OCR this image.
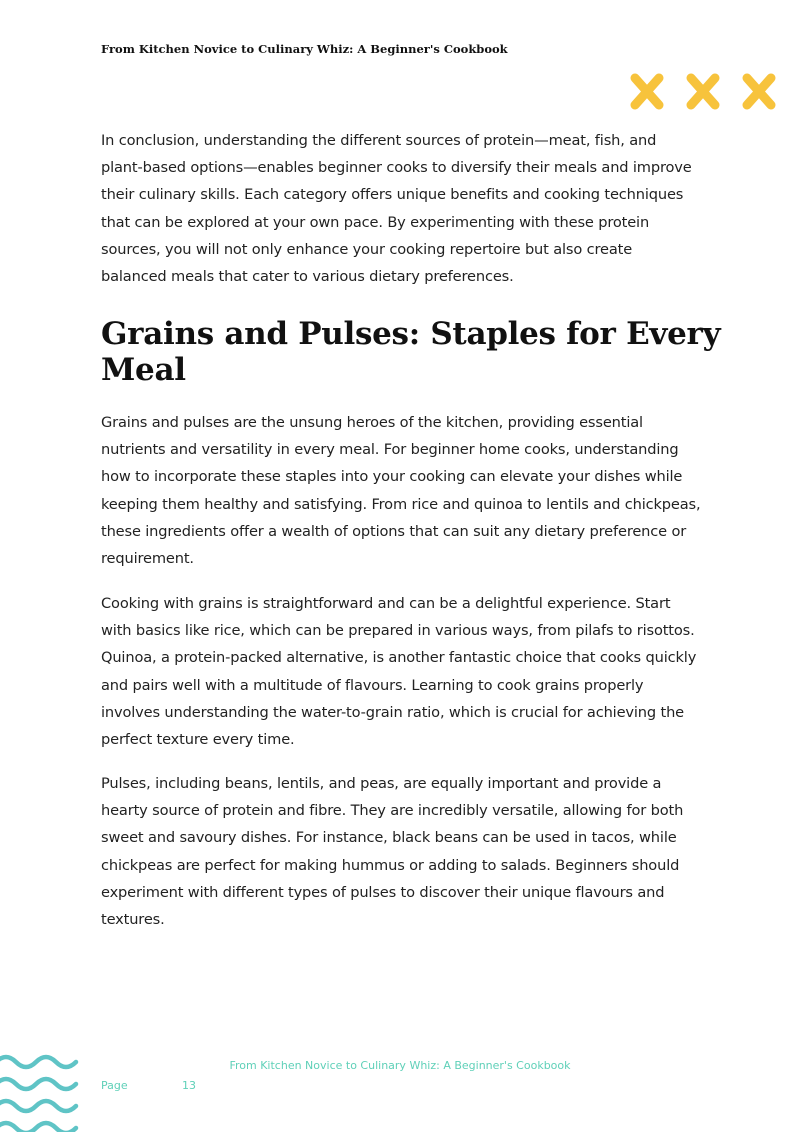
From Kitchen Novice to Culinary Whiz: A Beginner's Cookbook

In conclusion, understanding the different sources of protein—meat, fish, and plant-based options—enables beginner cooks to diversify their meals and improve their culinary skills. Each category offers unique benefits and cooking techniques that can be explored at your own pace. By experimenting with these protein sources, you will not only enhance your cooking repertoire but also create balanced meals that cater to various dietary preferences.

Grains and Pulses: Staples for Every Meal

Grains and pulses are the unsung heroes of the kitchen, providing essential nutrients and versatility in every meal. For beginner home cooks, understanding how to incorporate these staples into your cooking can elevate your dishes while keeping them healthy and satisfying. From rice and quinoa to lentils and chickpeas, these ingredients offer a wealth of options that can suit any dietary preference or requirement.

Cooking with grains is straightforward and can be a delightful experience. Start with basics like rice, which can be prepared in various ways, from pilafs to risottos. Quinoa, a protein-packed alternative, is another fantastic choice that cooks quickly and pairs well with a multitude of flavours. Learning to cook grains properly involves understanding the water-to-grain ratio, which is crucial for achieving the perfect texture every time.

Pulses, including beans, lentils, and peas, are equally important and provide a hearty source of protein and fibre. They are incredibly versatile, allowing for both sweet and savoury dishes. For instance, black beans can be used in tacos, while chickpeas are perfect for making hummus or adding to salads. Beginners should experiment with different types of pulses to discover their unique flavours and textures.

From Kitchen Novice to Culinary Whiz: A Beginner's Cookbook
Page	13
